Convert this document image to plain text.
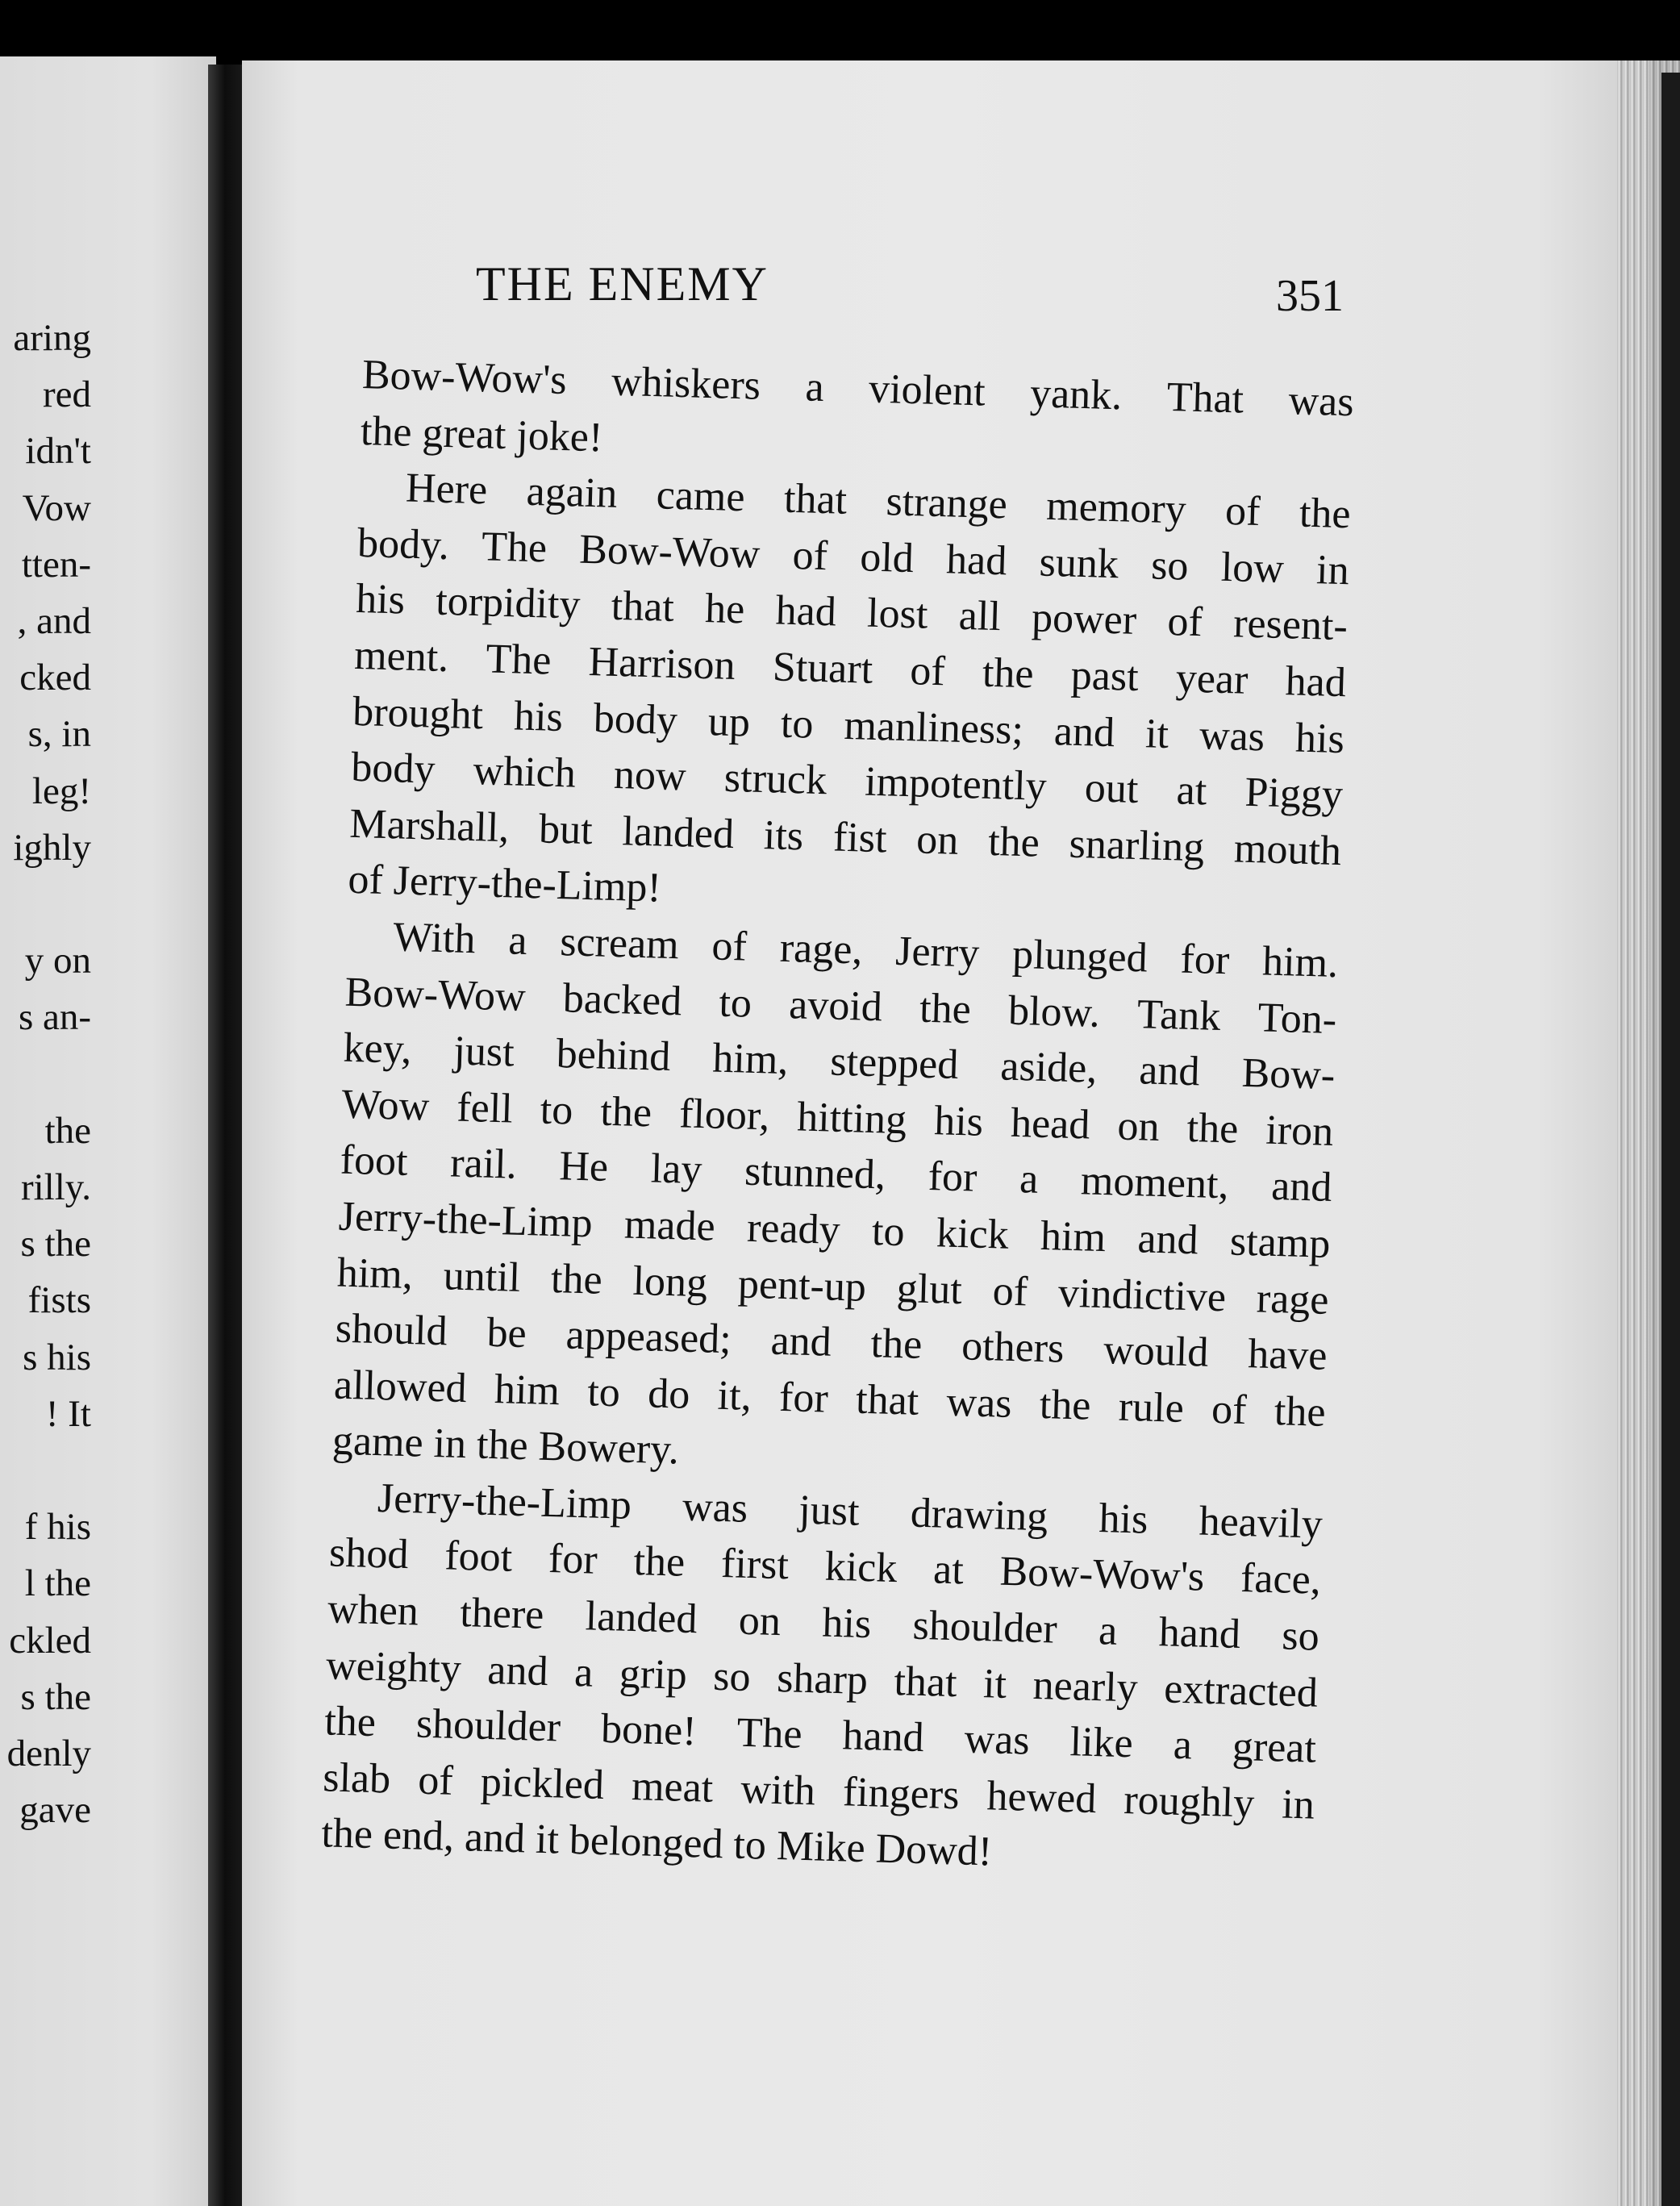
aring
red
idn't
Vow
tten-
, and
cked
s, in
leg!
ighly
y on
s an-
the
rilly.
s the
fists
s his
! It
f his
l the
ckled
s the
denly
gave
THE ENEMY	351
Bow-Wow's whiskers a violent yank. That was
the great joke!
Here again came that strange memory of the
body. The Bow-Wow of old had sunk so low in
his torpidity that he had lost all power of resent-
ment. The Harrison Stuart of the past year had
brought his body up to manliness; and it was his
body which now struck impotently out at Piggy
Marshall, but landed its fist on the snarling mouth
of Jerry-the-Limp!
With a scream of rage, Jerry plunged for him.
Bow-Wow backed to avoid the blow. Tank Ton-
key, just behind him, stepped aside, and Bow-
Wow fell to the floor, hitting his head on the iron
foot rail. He lay stunned, for a moment, and
Jerry-the-Limp made ready to kick him and stamp
him, until the long pent-up glut of vindictive rage
should be appeased; and the others would have
allowed him to do it, for that was the rule of the
game in the Bowery.
Jerry-the-Limp was just drawing his heavily
shod foot for the first kick at Bow-Wow's face,
when there landed on his shoulder a hand so
weighty and a grip so sharp that it nearly extracted
the shoulder bone! The hand was like a great
slab of pickled meat with fingers hewed roughly in
the end, and it belonged to Mike Dowd!
